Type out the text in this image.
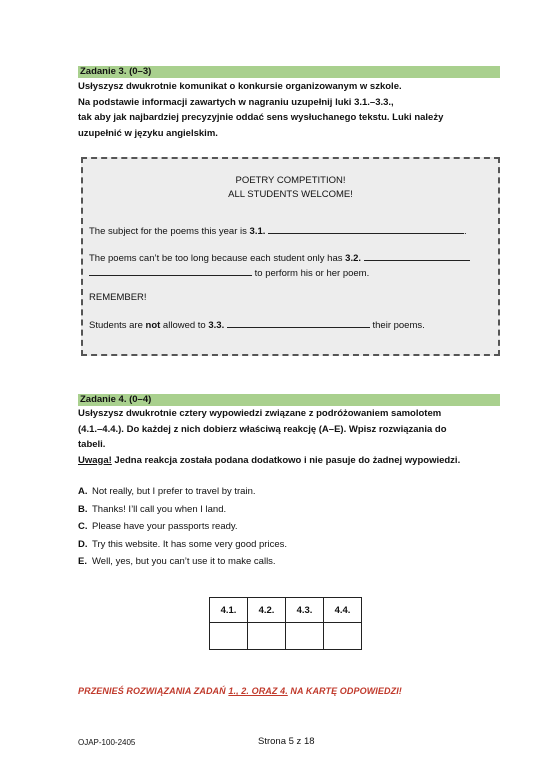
Zadanie 3. (0–3)

Usłyszysz dwukrotnie komunikat o konkursie organizowanym w szkole.

Na podstawie informacji zawartych w nagraniu uzupełnij luki 3.1.–3.3.,

tak aby jak najbardziej precyzyjnie oddać sens wysłuchanego tekstu. Luki należy

uzupełnić w języku angielskim.

POETRY COMPETITION!
ALL STUDENTS WELCOME!
The subject for the poems this year is 3.1.	.
The poems can’t be too long because each student only has 3.2.
to perform his or her poem.
REMEMBER!
Students are not allowed to 3.3.	their poems.
Zadanie 4. (0–4)

Usłyszysz dwukrotnie cztery wypowiedzi związane z podróżowaniem samolotem

(4.1.–4.4.). Do każdej z nich dobierz właściwą reakcję (A–E). Wpisz rozwiązania do

tabeli.

Uwaga! Jedna reakcja została podana dodatkowo i nie pasuje do żadnej wypowiedzi.

A. Not really, but I prefer to travel by train.
B. Thanks! I’ll call you when I land.
C. Please have your passports ready.
D. Try this website. It has some very good prices.
E. Well, yes, but you can’t use it to make calls.
4.1.	4.2.	4.3.	4.4.

PRZENIEŚ ROZWIĄZANIA ZADAŃ 1., 2. ORAZ 4. NA KARTĘ ODPOWIEDZI!
OJAP-100-2405	Strona 5 z 18
